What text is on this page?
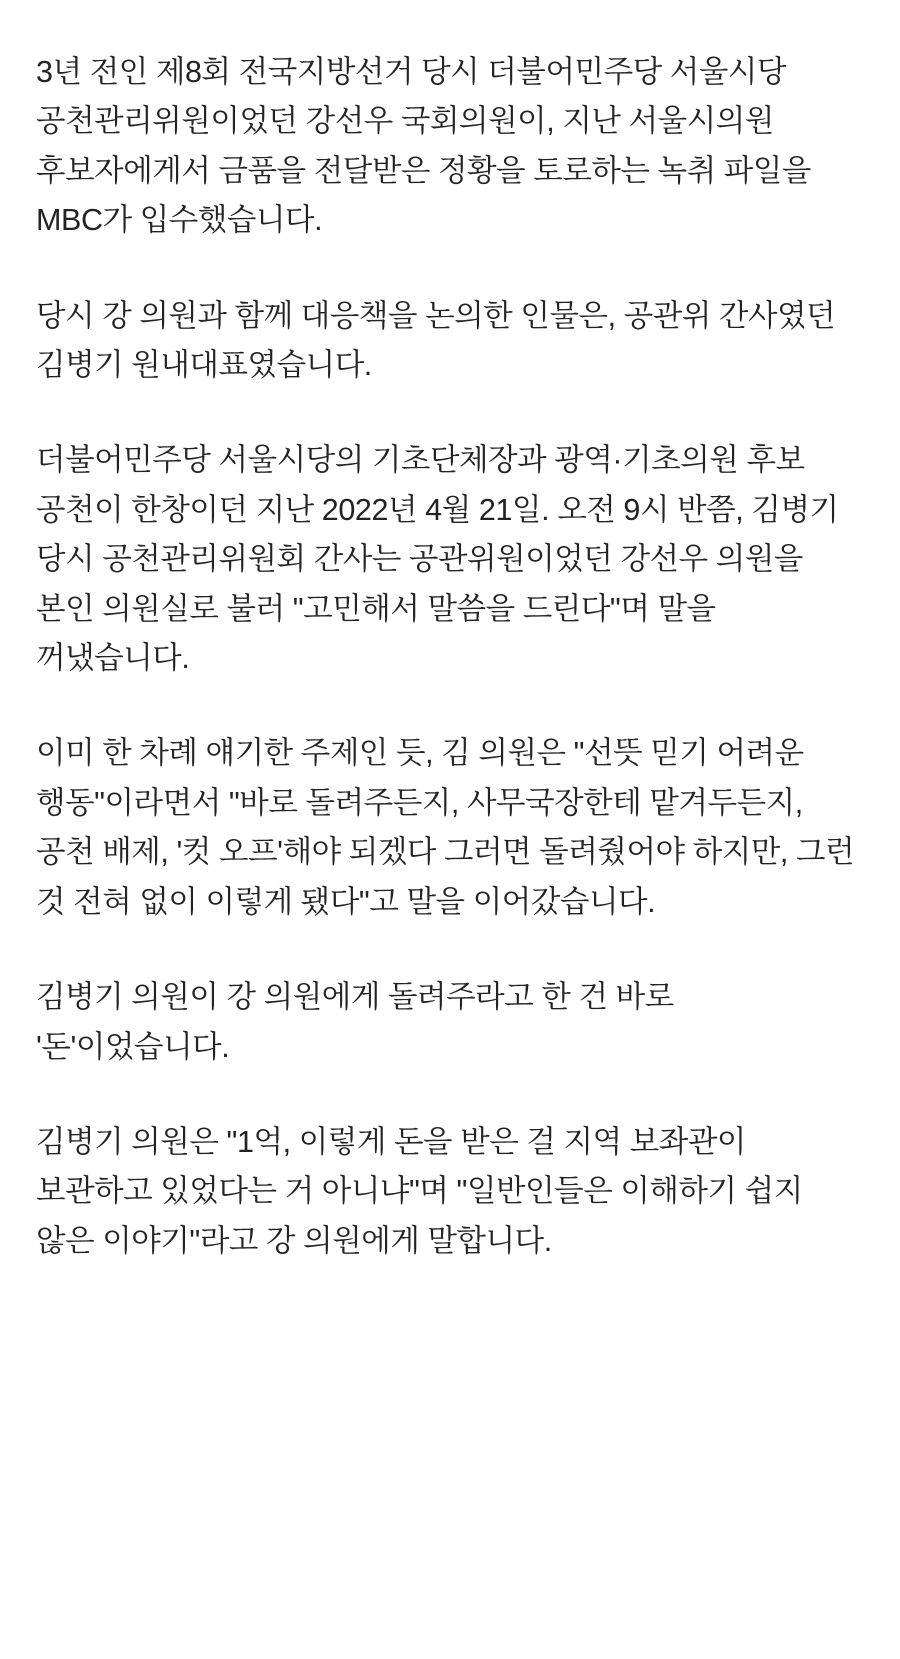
3년 전인 제8회 전국지방선거 당시 더불어민주당 서울시당 공천관리위원이었던 강선우 국회의원이, 지난 서울시의원 후보자에게서 금품을 전달받은 정황을 토로하는 녹취 파일을 MBC가 입수했습니다.

당시 강 의원과 함께 대응책을 논의한 인물은, 공관위 간사였던 김병기 원내대표였습니다.

더불어민주당 서울시당의 기초단체장과 광역·기초의원 후보 공천이 한창이던 지난 2022년 4월 21일. 오전 9시 반쯤, 김병기 당시 공천관리위원회 간사는 공관위원이었던 강선우 의원을 본인 의원실로 불러 "고민해서 말씀을 드린다"며 말을 꺼냈습니다.

이미 한 차례 얘기한 주제인 듯, 김 의원은 "선뜻 믿기 어려운 행동"이라면서 "바로 돌려주든지, 사무국장한테 맡겨두든지, 공천 배제, '컷 오프'해야 되겠다 그러면 돌려줬어야 하지만, 그런 것 전혀 없이 이렇게 됐다"고 말을 이어갔습니다.

김병기 의원이 강 의원에게 돌려주라고 한 건 바로 '돈'이었습니다.

김병기 의원은 "1억, 이렇게 돈을 받은 걸 지역 보좌관이 보관하고 있었다는 거 아니냐"며 "일반인들은 이해하기 쉽지 않은 이야기"라고 강 의원에게 말합니다.
